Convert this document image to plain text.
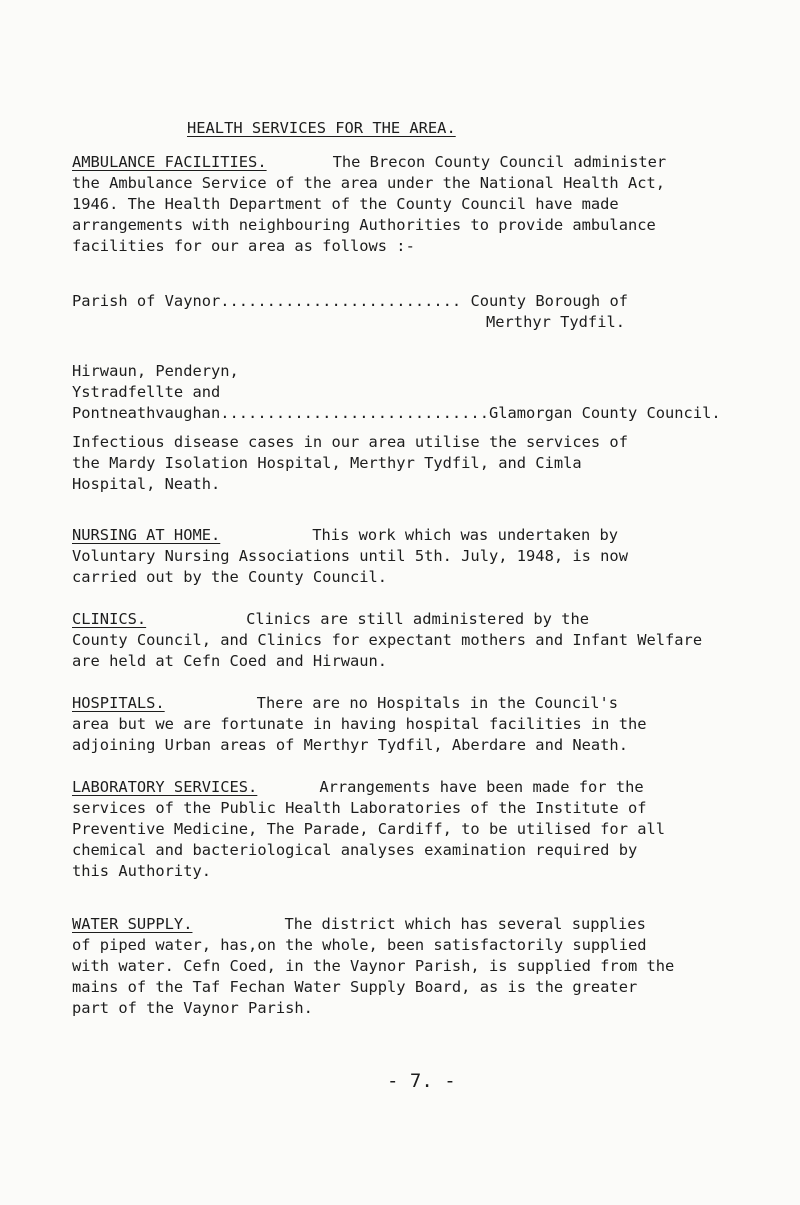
HEALTH SERVICES FOR THE AREA.
AMBULANCE FACILITIES.	The Brecon County Council administer
the Ambulance Service of the area under the National Health Act,
1946. The Health Department of the County Council have made
arrangements with neighbouring Authorities to provide ambulance
facilities for our area as follows :-
Parish of Vaynor.......................... County Borough of
Merthyr Tydfil.
Hirwaun, Penderyn,
Ystradfellte and
Pontneathvaughan.............................Glamorgan County Council.
Infectious disease cases in our area utilise the services of
the Mardy Isolation Hospital, Merthyr Tydfil, and Cimla
Hospital, Neath.
NURSING AT HOME.	This work which was undertaken by
Voluntary Nursing Associations until 5th. July, 1948, is now
carried out by the County Council.
CLINICS.	Clinics are still administered by the
County Council, and Clinics for expectant mothers and Infant Welfare
are held at Cefn Coed and Hirwaun.
HOSPITALS.	There are no Hospitals in the Council's
area but we are fortunate in having hospital facilities in the
adjoining Urban areas of Merthyr Tydfil, Aberdare and Neath.
LABORATORY SERVICES.	Arrangements have been made for the
services of the Public Health Laboratories of the Institute of
Preventive Medicine, The Parade, Cardiff, to be utilised for all
chemical and bacteriological analyses examination required by
this Authority.
WATER SUPPLY.	The district which has several supplies
of piped water, has,on the whole, been satisfactorily supplied
with water. Cefn Coed, in the Vaynor Parish, is supplied from the
mains of the Taf Fechan Water Supply Board, as is the greater
part of the Vaynor Parish.
- 7. -
